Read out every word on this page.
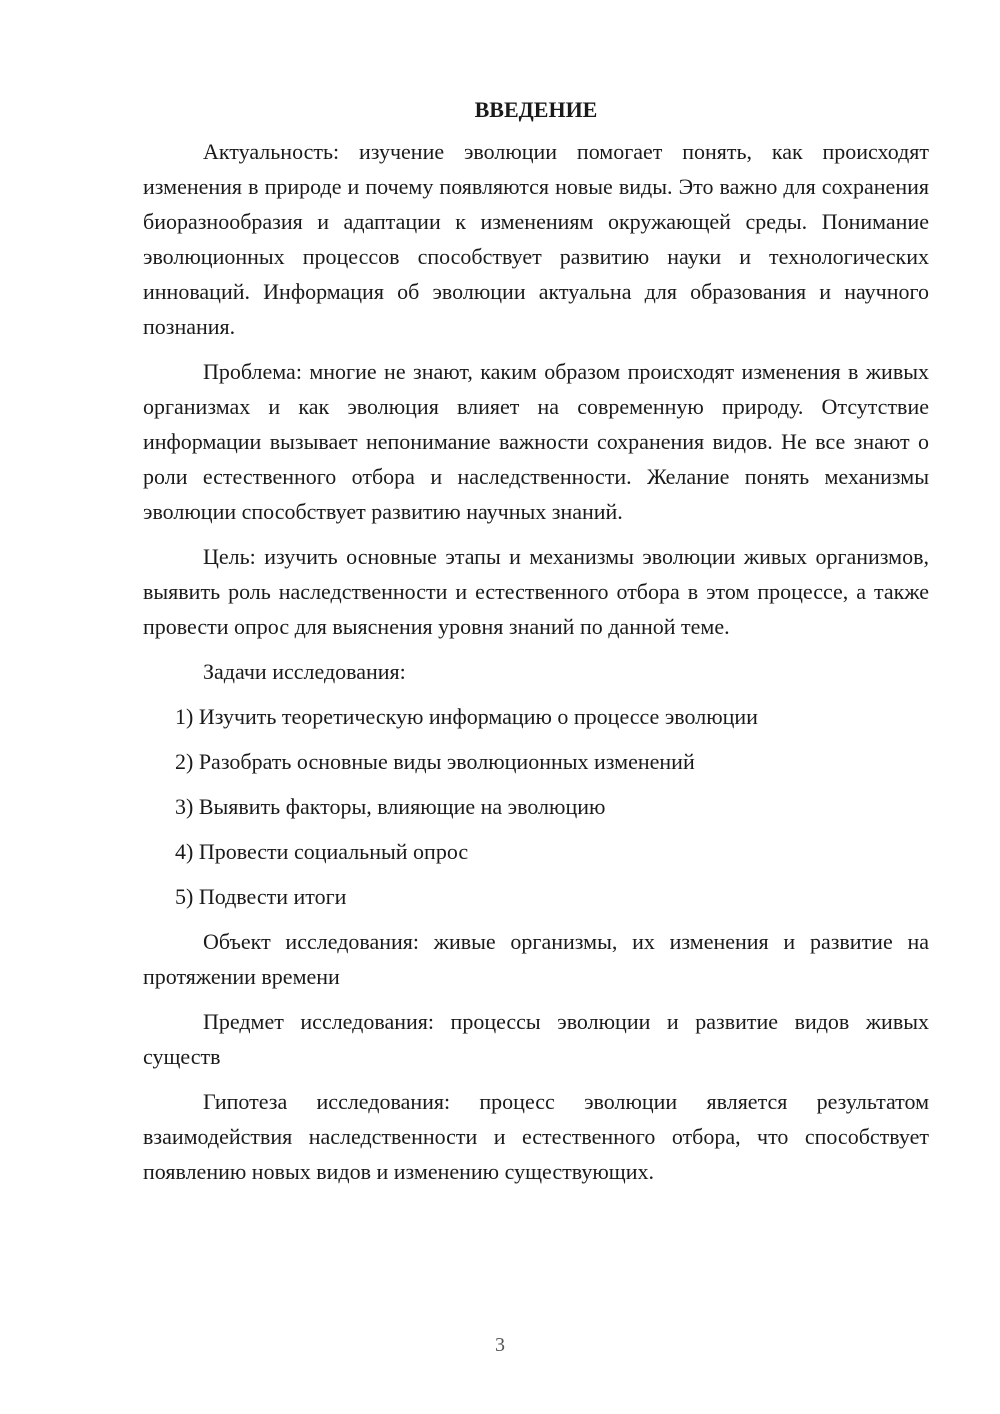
ВВЕДЕНИЕ

Актуальность: изучение эволюции помогает понять, как происходят изменения в природе и почему появляются новые виды. Это важно для сохранения биоразнообразия и адаптации к изменениям окружающей среды. Понимание эволюционных процессов способствует развитию науки и технологических инноваций. Информация об эволюции актуальна для образования и научного познания.

Проблема: многие не знают, каким образом происходят изменения в живых организмах и как эволюция влияет на современную природу. Отсутствие информации вызывает непонимание важности сохранения видов. Не все знают о роли естественного отбора и наследственности. Желание понять механизмы эволюции способствует развитию научных знаний.

Цель: изучить основные этапы и механизмы эволюции живых организмов, выявить роль наследственности и естественного отбора в этом процессе, а также провести опрос для выяснения уровня знаний по данной теме.

Задачи исследования:

1) Изучить теоретическую информацию о процессе эволюции
2) Разобрать основные виды эволюционных изменений
3) Выявить факторы, влияющие на эволюцию
4) Провести социальный опрос
5) Подвести итоги

Объект исследования: живые организмы, их изменения и развитие на протяжении времени

Предмет исследования: процессы эволюции и развитие видов живых существ

Гипотеза исследования: процесс эволюции является результатом взаимодействия наследственности и естественного отбора, что способствует появлению новых видов и изменению существующих.

3
